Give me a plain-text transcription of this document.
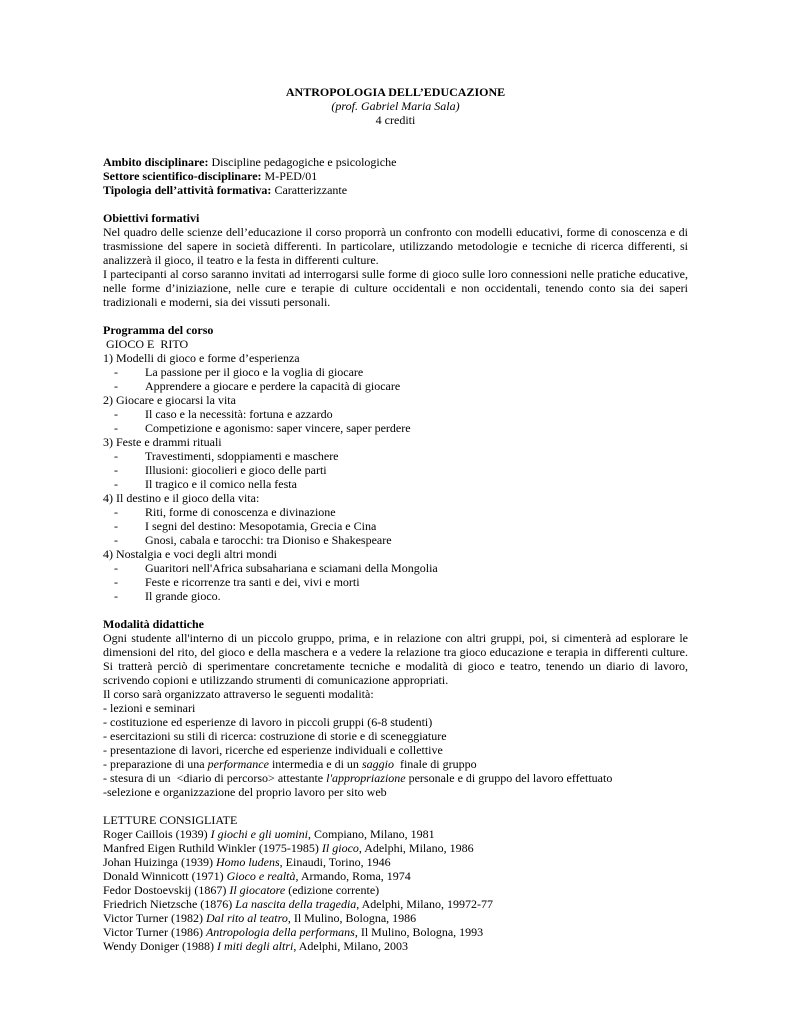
ANTROPOLOGIA DELL’EDUCAZIONE

(prof. Gabriel Maria Sala)

4 crediti

Ambito disciplinare: Discipline pedagogiche e psicologiche

Settore scientifico-disciplinare: M-PED/01

Tipologia dell’attività formativa: Caratterizzante

Obiettivi formativi

Nel quadro delle scienze dell’educazione il corso proporrà un confronto con modelli educativi, forme di conoscenza e di trasmissione del sapere in società differenti. In particolare, utilizzando metodologie e tecniche di ricerca differenti, si analizzerà il gioco, il teatro e la festa in differenti culture.

I partecipanti al corso saranno invitati ad interrogarsi sulle forme di gioco sulle loro connessioni nelle pratiche educative, nelle forme d’iniziazione, nelle cure e terapie di culture occidentali e non occidentali, tenendo conto sia dei saperi tradizionali e moderni, sia dei vissuti personali.

Programma del corso

GIOCO E  RITO

1) Modelli di gioco e forme d’esperienza

- La passione per il gioco e la voglia di giocare

- Apprendere a giocare e perdere la capacità di giocare

2) Giocare e giocarsi la vita

- Il caso e la necessità: fortuna e azzardo

- Competizione e agonismo: saper vincere, saper perdere

3) Feste e drammi rituali

- Travestimenti, sdoppiamenti e maschere

- Illusioni: giocolieri e gioco delle parti

- Il tragico e il comico nella festa

4) Il destino e il gioco della vita:

- Riti, forme di conoscenza e divinazione

- I segni del destino: Mesopotamia, Grecia e Cina

- Gnosi, cabala e tarocchi: tra Dioniso e Shakespeare

4) Nostalgia e voci degli altri mondi

- Guaritori nell'Africa subsahariana e sciamani della Mongolia

- Feste e ricorrenze tra santi e dei, vivi e morti

- Il grande gioco.

Modalità didattiche

Ogni studente all'interno di un piccolo gruppo, prima, e in relazione con altri gruppi, poi, si cimenterà ad esplorare le dimensioni del rito, del gioco e della maschera e a vedere la relazione tra gioco educazione e terapia in differenti culture. Si tratterà perciò di sperimentare concretamente tecniche e modalità di gioco e teatro, tenendo un diario di lavoro, scrivendo copioni e utilizzando strumenti di comunicazione appropriati.

Il corso sarà organizzato attraverso le seguenti modalità:

- lezioni e seminari

- costituzione ed esperienze di lavoro in piccoli gruppi (6-8 studenti)

- esercitazioni su stili di ricerca: costruzione di storie e di sceneggiature

- presentazione di lavori, ricerche ed esperienze individuali e collettive

- preparazione di una performance intermedia e di un saggio  finale di gruppo

- stesura di un  <diario di percorso> attestante l'appropriazione personale e di gruppo del lavoro effettuato

-selezione e organizzazione del proprio lavoro per sito web

LETTURE CONSIGLIATE

Roger Caillois (1939) I giochi e gli uomini, Compiano, Milano, 1981

Manfred Eigen Ruthild Winkler (1975-1985) Il gioco, Adelphi, Milano, 1986

Johan Huizinga (1939) Homo ludens, Einaudi, Torino, 1946

Donald Winnicott (1971) Gioco e realtà, Armando, Roma, 1974

Fedor Dostoevskij (1867) Il giocatore (edizione corrente)

Friedrich Nietzsche (1876) La nascita della tragedia, Adelphi, Milano, 19972-77

Victor Turner (1982) Dal rito al teatro, Il Mulino, Bologna, 1986

Victor Turner (1986) Antropologia della performans, Il Mulino, Bologna, 1993

Wendy Doniger (1988) I miti degli altri, Adelphi, Milano, 2003
